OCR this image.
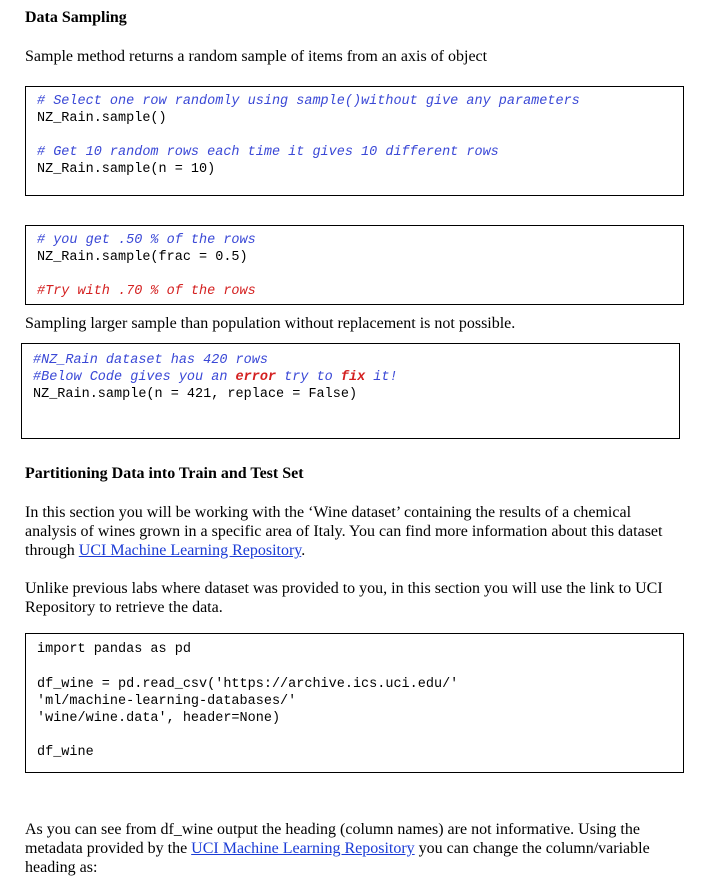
Data Sampling
Sample method returns a random sample of items from an axis of object
# Select one row randomly using sample()without give any parameters
NZ_Rain.sample()
# Get 10 random rows each time it gives 10 different rows
NZ_Rain.sample(n = 10)
# you get .50 % of the rows
NZ_Rain.sample(frac = 0.5)
#Try with .70 % of the rows
Sampling larger sample than population without replacement is not possible.
#NZ_Rain dataset has 420 rows
#Below Code gives you an error try to fix it!
NZ_Rain.sample(n = 421, replace = False)
Partitioning Data into Train and Test Set
In this section you will be working with the ‘Wine dataset’ containing the results of a chemical
analysis of wines grown in a specific area of Italy. You can find more information about this dataset
through UCI Machine Learning Repository.
Unlike previous labs where dataset was provided to you, in this section you will use the link to UCI
Repository to retrieve the data.
import pandas as pd
df_wine = pd.read_csv('https://archive.ics.uci.edu/'
'ml/machine-learning-databases/'
'wine/wine.data', header=None)
df_wine
As you can see from df_wine output the heading (column names) are not informative. Using the
metadata provided by the UCI Machine Learning Repository you can change the column/variable
heading as:
